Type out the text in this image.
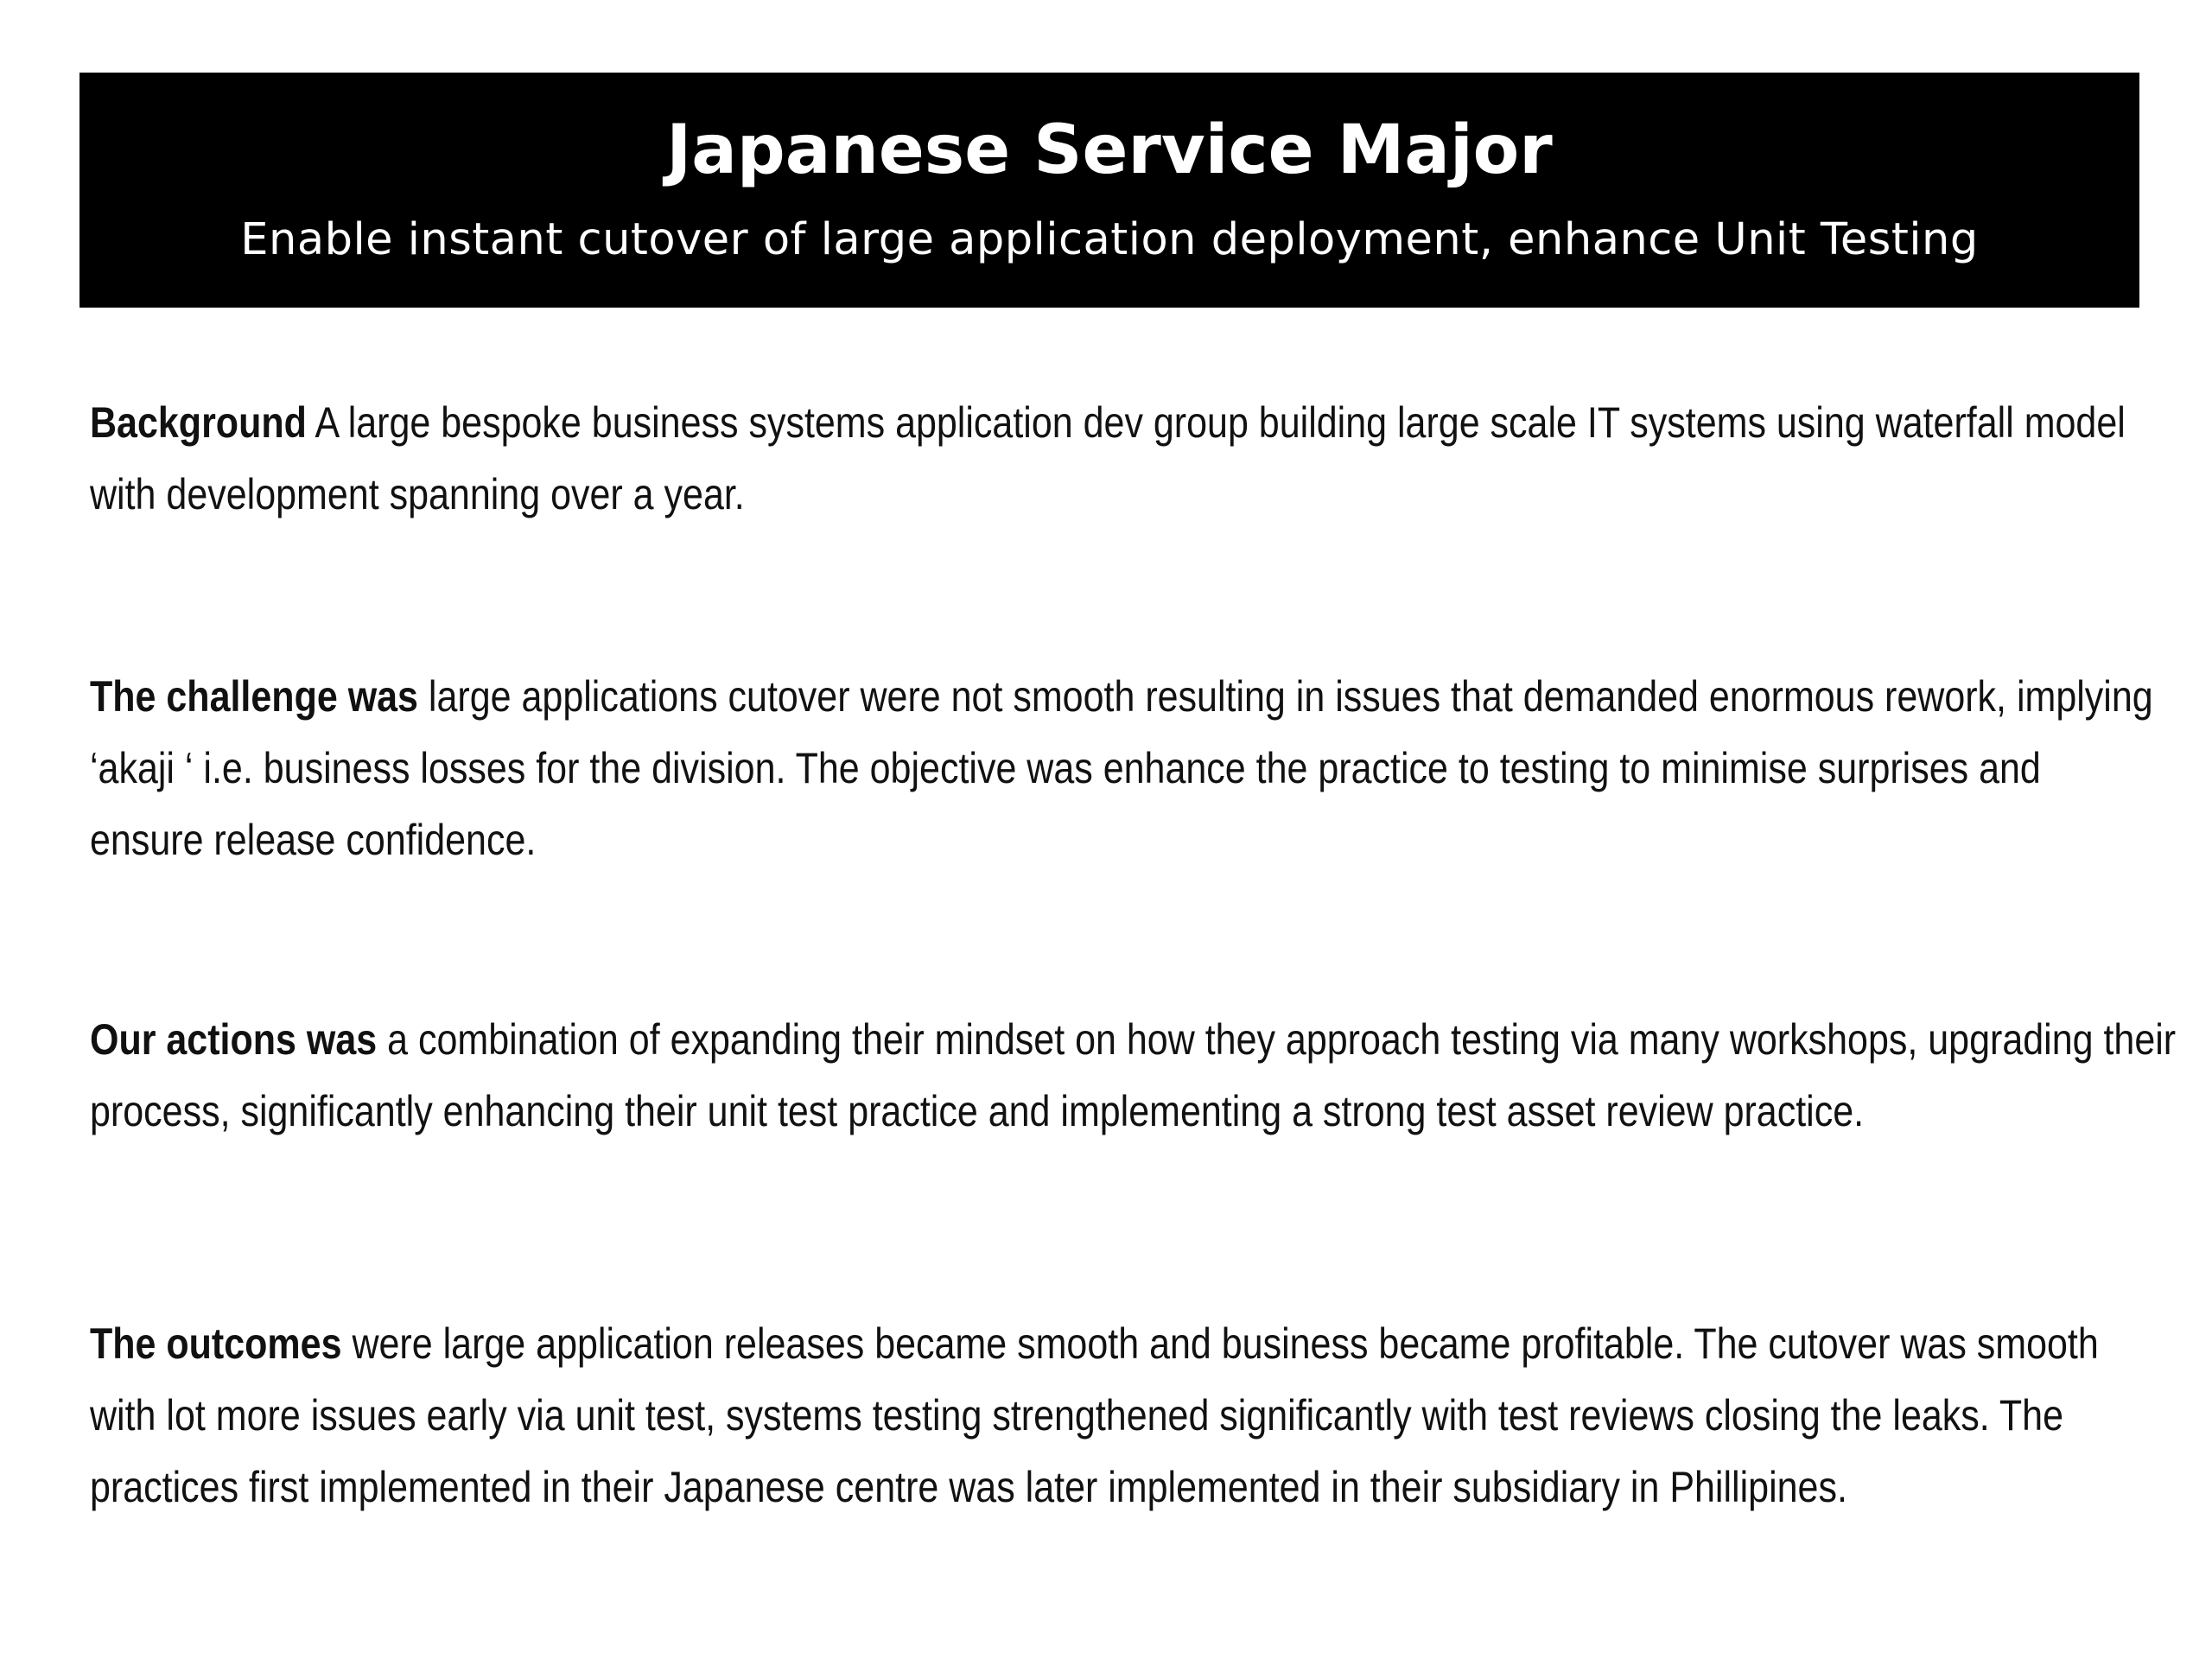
Japanese Service Major

Enable instant cutover of large application deployment, enhance Unit Testing

Background A large bespoke business systems application dev group building large scale IT systems using waterfall model with development spanning over a year.

The challenge was large applications cutover were not smooth resulting in issues that demanded enormous rework, implying ‘akaji ‘ i.e. business losses for the division. The objective was enhance the practice to testing to minimise surprises and ensure release confidence.

Our actions was a combination of expanding their mindset on how they approach testing via many workshops, upgrading their process, significantly enhancing their unit test practice and implementing a strong test asset review practice.

The outcomes were large application releases became smooth and business became profitable. The cutover was smooth with lot more issues early via unit test, systems testing strengthened significantly with test reviews closing the leaks. The practices first implemented in their Japanese centre was later implemented in their subsidiary in Phillipines.
